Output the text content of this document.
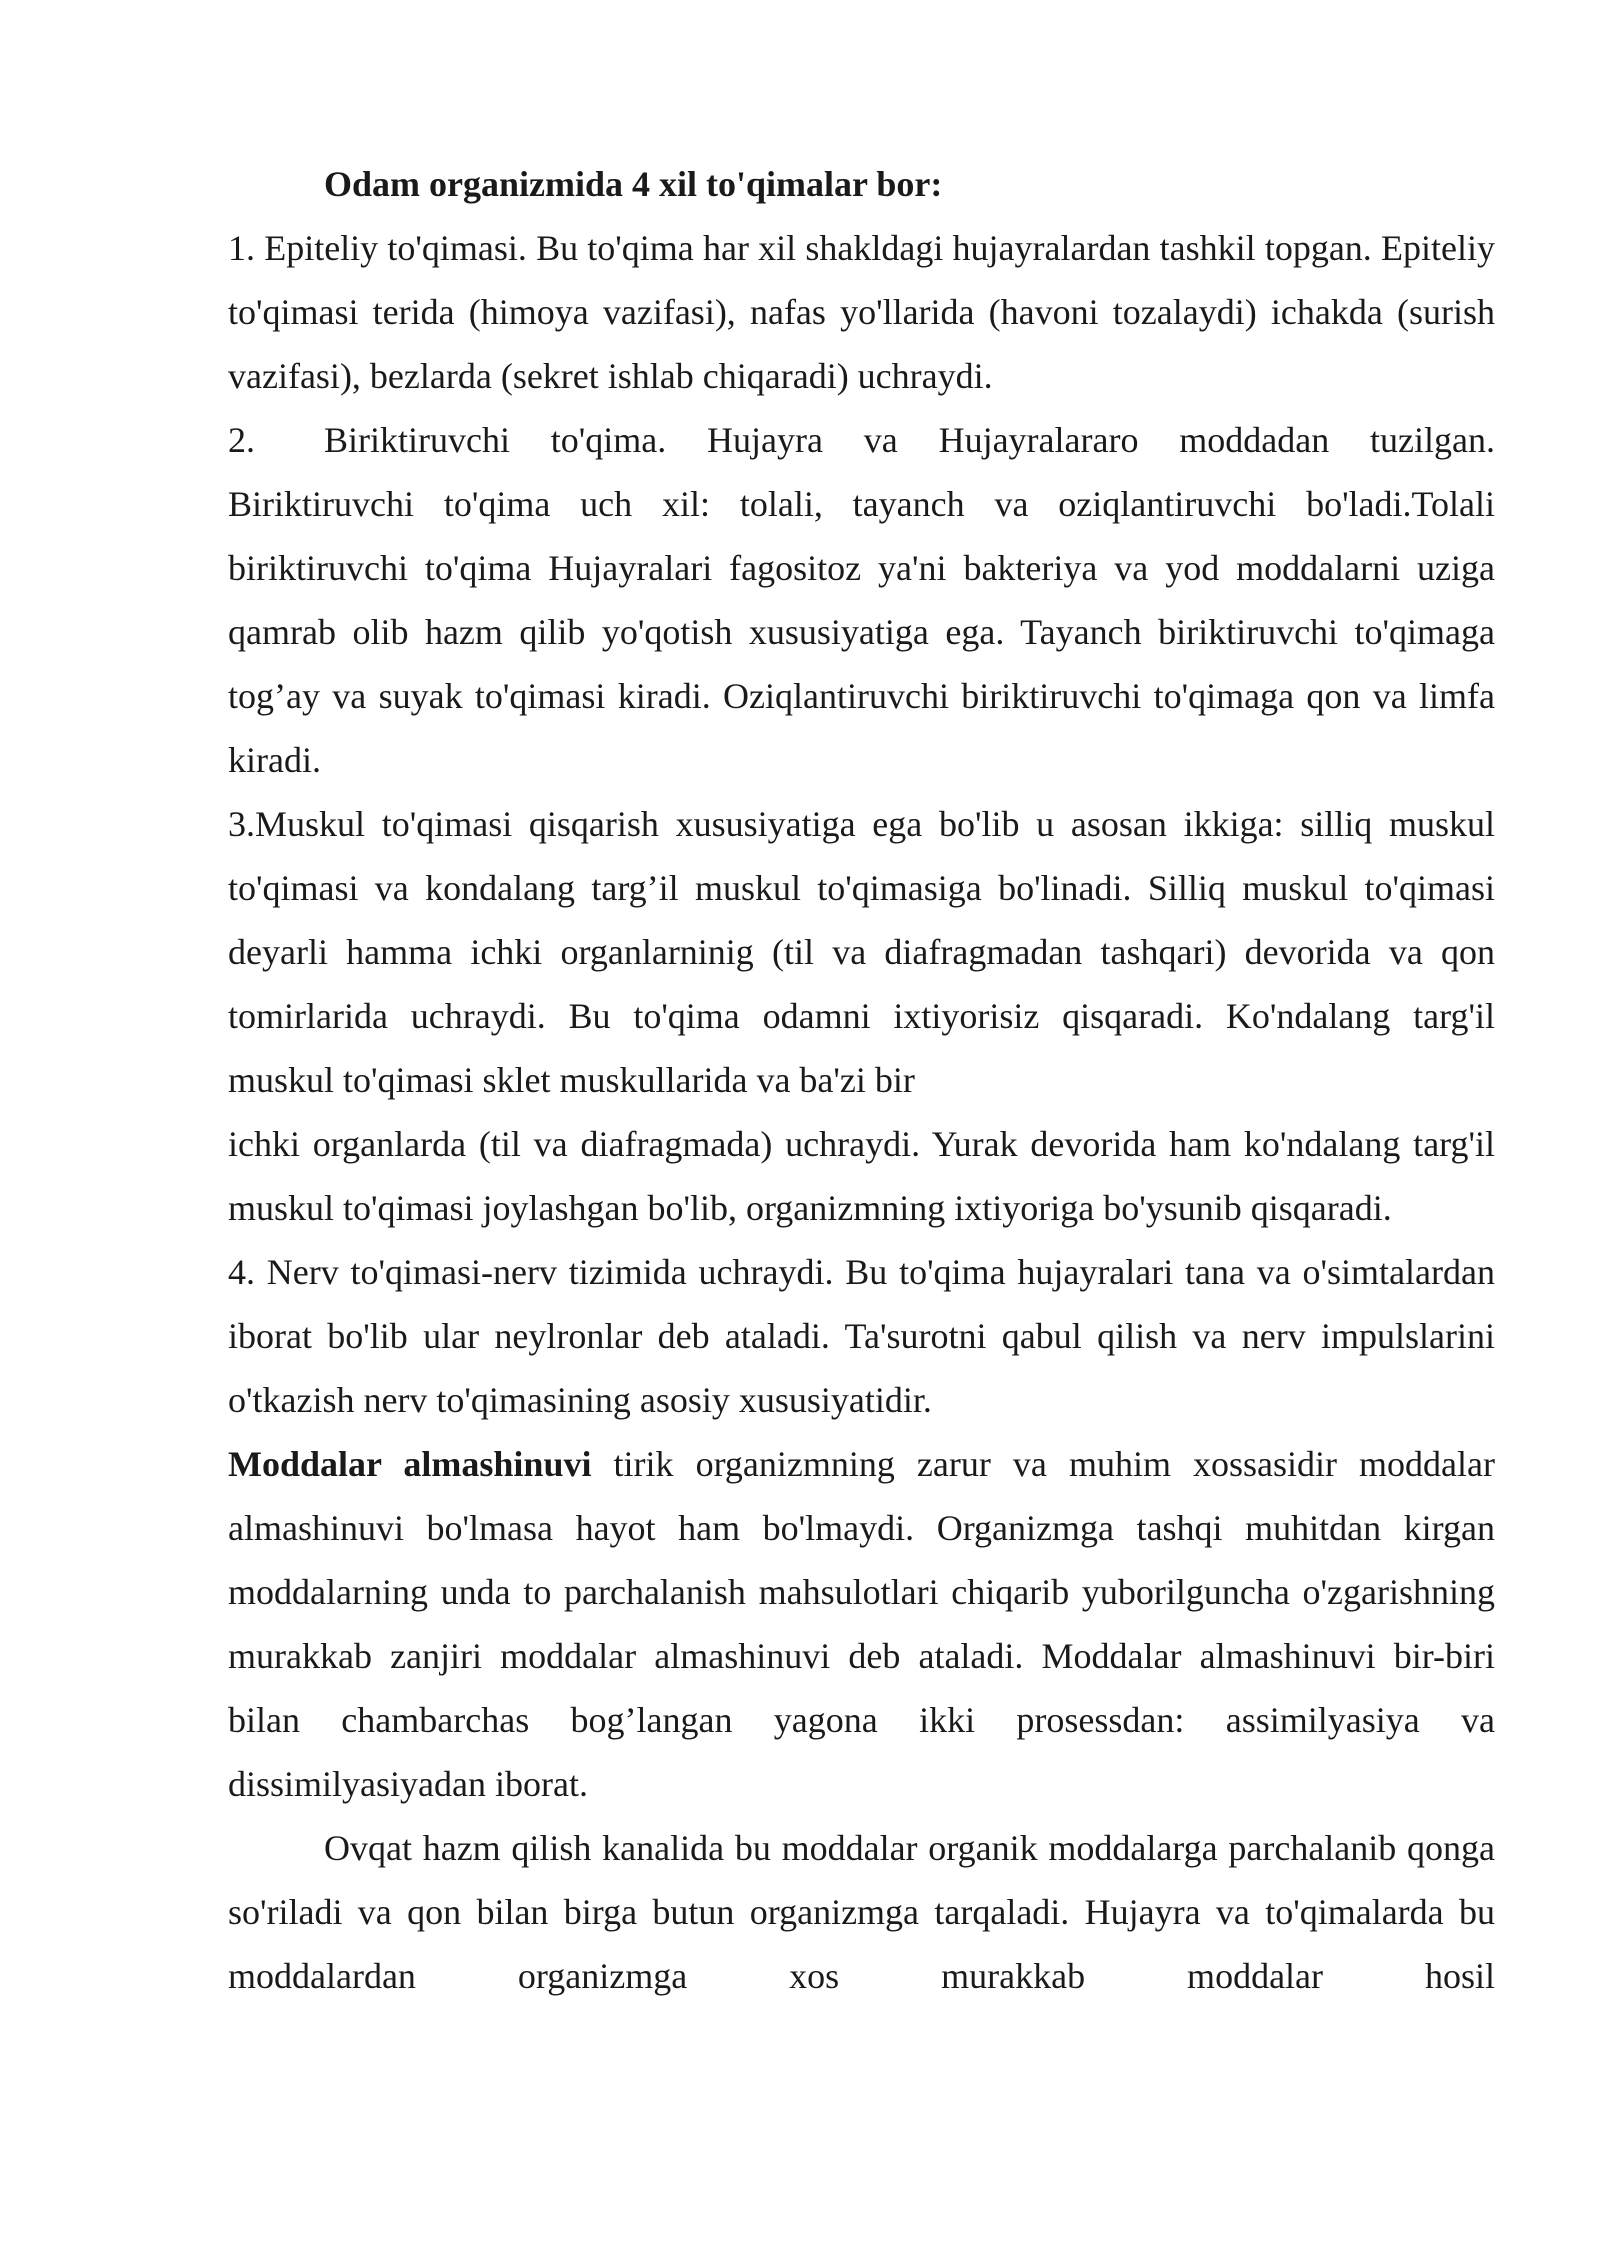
Odam organizmida 4 xil to'qimalar bor:

1. Epiteliy to'qimasi. Bu to'qima har xil shakldagi hujayralardan tashkil topgan. Epiteliy to'qimasi terida (himoya vazifasi), nafas yo'llarida (havoni tozalaydi) ichakda (surish vazifasi), bezlarda (sekret ishlab chiqaradi) uchraydi.

2. Biriktiruvchi to'qima. Hujayra va Hujayralararo moddadan tuzilgan. Biriktiruvchi to'qima uch xil: tolali, tayanch va oziqlantiruvchi bo'ladi.Tolali biriktiruvchi to'qima Hujayralari fagositoz ya'ni bakteriya va yod moddalarni uziga qamrab olib hazm qilib yo'qotish xususiyatiga ega. Tayanch biriktiruvchi to'qimaga tog’ay va suyak to'qimasi kiradi. Oziqlantiruvchi biriktiruvchi to'qimaga qon va limfa kiradi.

3.Muskul to'qimasi qisqarish xususiyatiga ega bo'lib u asosan ikkiga: silliq muskul to'qimasi va kondalang targ’il muskul to'qimasiga bo'linadi. Silliq muskul to'qimasi deyarli hamma ichki organlarninig (til va diafragmadan tashqari) devorida va qon tomirlarida uchraydi. Bu to'qima odamni ixtiyorisiz qisqaradi. Ko'ndalang targ'il muskul to'qimasi sklet muskullarida va ba'zi bir

ichki organlarda (til va diafragmada) uchraydi. Yurak devorida ham ko'ndalang targ'il muskul to'qimasi joylashgan bo'lib, organizmning ixtiyoriga bo'ysunib qisqaradi.

4. Nerv to'qimasi-nerv tizimida uchraydi. Bu to'qima hujayralari tana va o'simtalardan iborat bo'lib ular neylronlar deb ataladi. Ta'surotni qabul qilish va nerv impulslarini o'tkazish nerv to'qimasining asosiy xususiyatidir.

Moddalar almashinuvi tirik organizmning zarur va muhim xossasidir moddalar almashinuvi bo'lmasa hayot ham bo'lmaydi. Organizmga tashqi muhitdan kirgan moddalarning unda to parchalanish mahsulotlari chiqarib yuborilguncha o'zgarishning murakkab zanjiri moddalar almashinuvi deb ataladi. Moddalar almashinuvi bir-biri bilan chambarchas bog’langan yagona ikki prosessdan: assimilyasiya va dissimilyasiyadan iborat.

Ovqat hazm qilish kanalida bu moddalar organik moddalarga parchalanib qonga so'riladi va qon bilan birga butun organizmga tarqaladi. Hujayra va to'qimalarda bu moddalardan organizmga xos murakkab moddalar hosil
